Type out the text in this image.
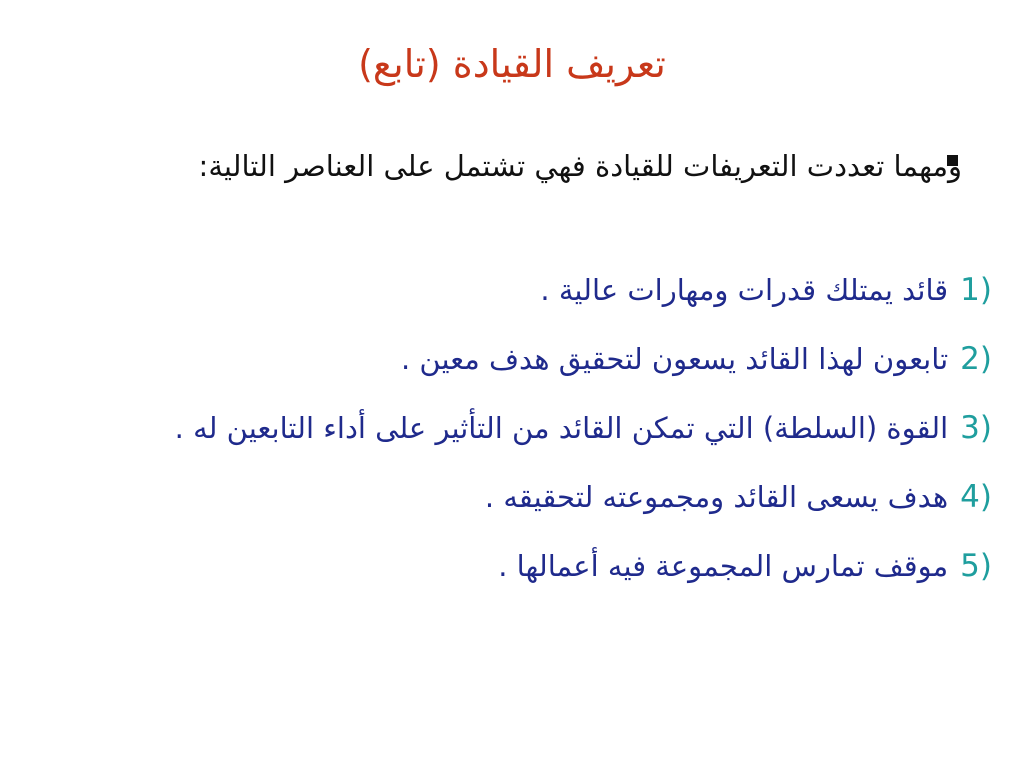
تعريف القيادة (تابع)
ومهما تعددت التعريفات للقيادة فهي تشتمل على العناصر التالية:
1)
قائد يمتلك قدرات ومهارات عالية .
2)
تابعون لهذا القائد يسعون لتحقيق هدف معين .
3)
القوة (السلطة) التي تمكن القائد من التأثير على أداء التابعين له .
4)
هدف يسعى القائد ومجموعته لتحقيقه .
5)
موقف تمارس المجموعة فيه أعمالها .
